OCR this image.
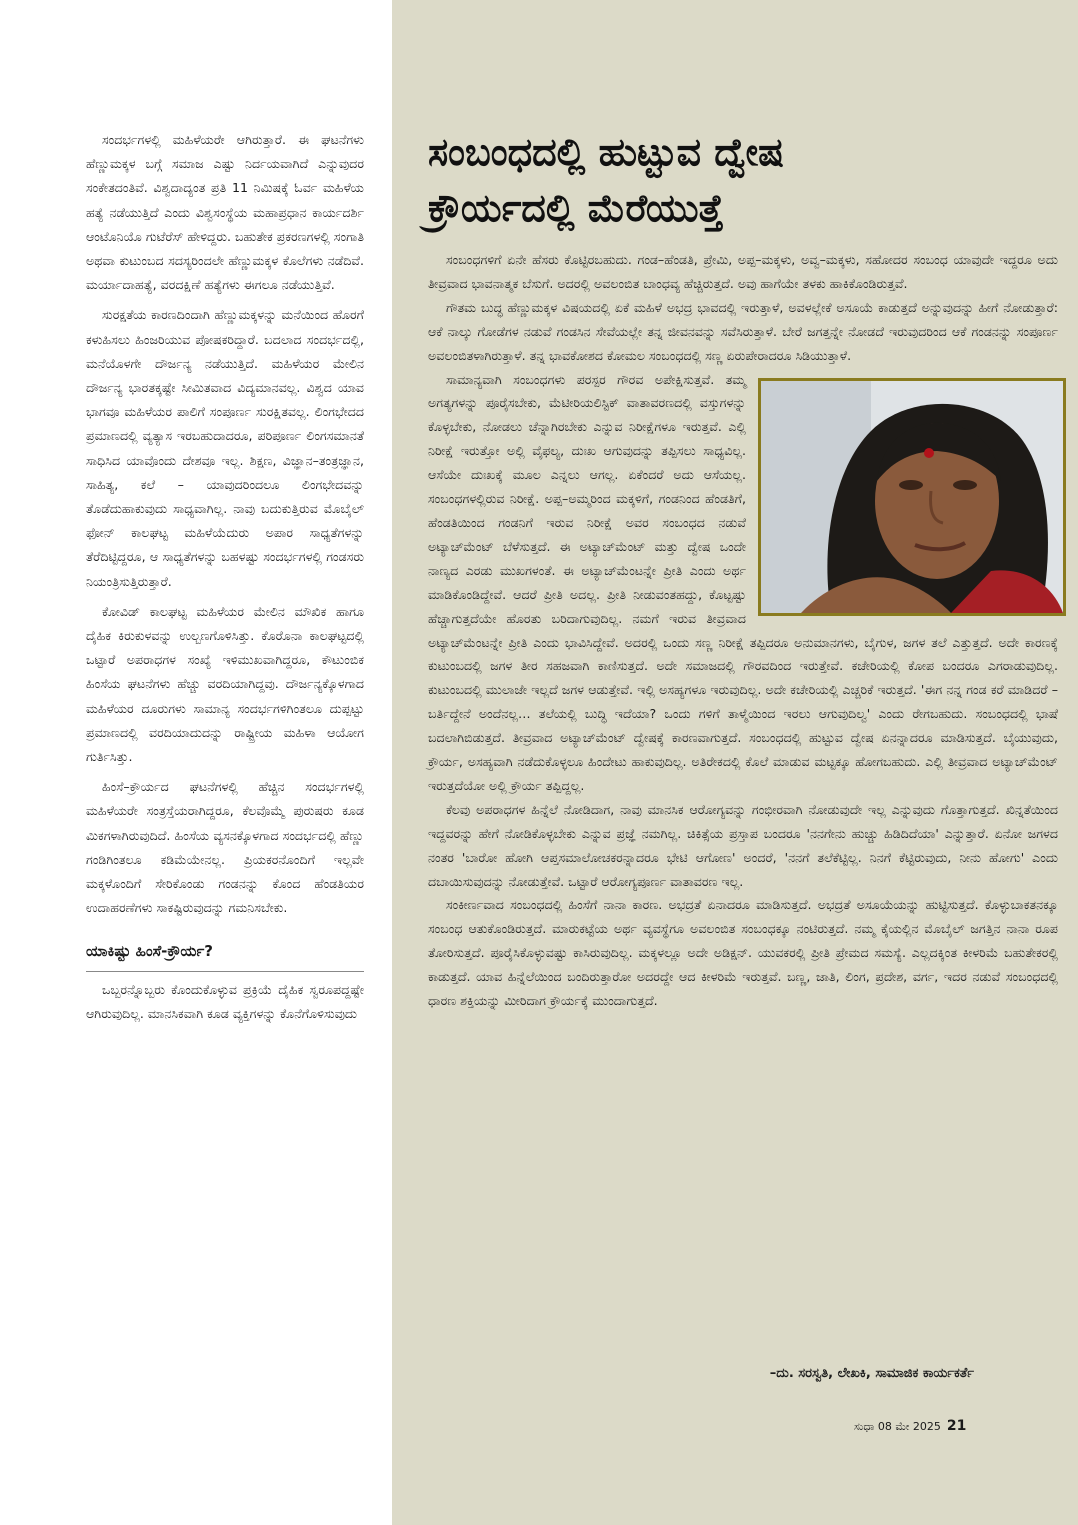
ಸಂದರ್ಭಗಳಲ್ಲಿ ಮಹಿಳೆಯರೇ ಆಗಿರುತ್ತಾರೆ. ಈ ಘಟನೆಗಳು ಹೆಣ್ಣುಮಕ್ಕಳ ಬಗ್ಗೆ ಸಮಾಜ ಎಷ್ಟು ನಿರ್ದಯವಾಗಿದೆ ಎನ್ನುವುದರ ಸಂಕೇತದಂತಿವೆ. ವಿಶ್ವದಾದ್ಯಂತ ಪ್ರತಿ 11 ನಿಮಿಷಕ್ಕೆ ಓರ್ವ ಮಹಿಳೆಯ ಹತ್ಯೆ ನಡೆಯುತ್ತಿದೆ ಎಂದು ವಿಶ್ವಸಂಸ್ಥೆಯ ಮಹಾಪ್ರಧಾನ ಕಾರ್ಯದರ್ಶಿ ಆಂಟೊನಿಯೊ ಗುಟೆರೆಸ್ ಹೇಳಿದ್ದರು. ಬಹುತೇಕ ಪ್ರಕರಣಗಳಲ್ಲಿ ಸಂಗಾತಿ ಅಥವಾ ಕುಟುಂಬದ ಸದಸ್ಯರಿಂದಲೇ ಹೆಣ್ಣುಮಕ್ಕಳ ಕೊಲೆಗಳು ನಡೆದಿವೆ. ಮರ್ಯಾದಾಹತ್ಯೆ, ವರದಕ್ಷಿಣೆ ಹತ್ಯೆಗಳು ಈಗಲೂ ನಡೆಯುತ್ತಿವೆ.

ಸುರಕ್ಷತೆಯ ಕಾರಣದಿಂದಾಗಿ ಹೆಣ್ಣುಮಕ್ಕಳನ್ನು ಮನೆಯಿಂದ ಹೊರಗೆ ಕಳುಹಿಸಲು ಹಿಂಜರಿಯುವ ಪೋಷಕರಿದ್ದಾರೆ. ಬದಲಾದ ಸಂದರ್ಭದಲ್ಲಿ, ಮನೆಯೊಳಗೇ ದೌರ್ಜನ್ಯ ನಡೆಯುತ್ತಿದೆ. ಮಹಿಳೆಯರ ಮೇಲಿನ ದೌರ್ಜನ್ಯ ಭಾರತಕ್ಕಷ್ಟೇ ಸೀಮಿತವಾದ ವಿದ್ಯಮಾನವಲ್ಲ. ವಿಶ್ವದ ಯಾವ ಭಾಗವೂ ಮಹಿಳೆಯರ ಪಾಲಿಗೆ ಸಂಪೂರ್ಣ ಸುರಕ್ಷಿತವಲ್ಲ. ಲಿಂಗಭೇದದ ಪ್ರಮಾಣದಲ್ಲಿ ವ್ಯತ್ಯಾಸ ಇರಬಹುದಾದರೂ, ಪರಿಪೂರ್ಣ ಲಿಂಗಸಮಾನತೆ ಸಾಧಿಸಿದ ಯಾವೊಂದು ದೇಶವೂ ಇಲ್ಲ. ಶಿಕ್ಷಣ, ವಿಜ್ಞಾನ–ತಂತ್ರಜ್ಞಾನ, ಸಾಹಿತ್ಯ, ಕಲೆ – ಯಾವುದರಿಂದಲೂ ಲಿಂಗಭೇದವನ್ನು ತೊಡೆದುಹಾಕುವುದು ಸಾಧ್ಯವಾಗಿಲ್ಲ. ನಾವು ಬದುಕುತ್ತಿರುವ ಮೊಬೈಲ್ ಫೋನ್ ಕಾಲಘಟ್ಟ ಮಹಿಳೆಯೆದುರು ಅಪಾರ ಸಾಧ್ಯತೆಗಳನ್ನು ತೆರೆದಿಟ್ಟಿದ್ದರೂ, ಆ ಸಾಧ್ಯತೆಗಳನ್ನು ಬಹಳಷ್ಟು ಸಂದರ್ಭಗಳಲ್ಲಿ ಗಂಡಸರು ನಿಯಂತ್ರಿಸುತ್ತಿರುತ್ತಾರೆ.

ಕೋವಿಡ್ ಕಾಲಘಟ್ಟ ಮಹಿಳೆಯರ ಮೇಲಿನ ಮೌಖಿಕ ಹಾಗೂ ದೈಹಿಕ ಕಿರುಕುಳವನ್ನು ಉಲ್ಬಣಗೊಳಿಸಿತ್ತು. ಕೊರೊನಾ ಕಾಲಘಟ್ಟದಲ್ಲಿ ಒಟ್ಟಾರೆ ಅಪರಾಧಗಳ ಸಂಖ್ಯೆ ಇಳಿಮುಖವಾಗಿದ್ದರೂ, ಕೌಟುಂಬಿಕ ಹಿಂಸೆಯ ಘಟನೆಗಳು ಹೆಚ್ಚು ವರದಿಯಾಗಿದ್ದವು. ದೌರ್ಜನ್ಯಕ್ಕೊಳಗಾದ ಮಹಿಳೆಯರ ದೂರುಗಳು ಸಾಮಾನ್ಯ ಸಂದರ್ಭಗಳಿಗಿಂತಲೂ ದುಪ್ಪಟ್ಟು ಪ್ರಮಾಣದಲ್ಲಿ ವರದಿಯಾದುದನ್ನು ರಾಷ್ಟ್ರೀಯ ಮಹಿಳಾ ಆಯೋಗ ಗುರ್ತಿಸಿತ್ತು.

ಹಿಂಸೆ–ಕ್ರೌರ್ಯದ ಘಟನೆಗಳಲ್ಲಿ ಹೆಚ್ಚಿನ ಸಂದರ್ಭಗಳಲ್ಲಿ ಮಹಿಳೆಯರೇ ಸಂತ್ರಸ್ತೆಯರಾಗಿದ್ದರೂ, ಕೆಲವೊಮ್ಮೆ ಪುರುಷರು ಕೂಡ ಮಿಕಗಳಾಗಿರುವುದಿದೆ. ಹಿಂಸೆಯ ವ್ಯಸನಕ್ಕೊಳಗಾದ ಸಂದರ್ಭದಲ್ಲಿ ಹೆಣ್ಣು ಗಂಡಿಗಿಂತಲೂ ಕಡಿಮೆಯೇನಲ್ಲ. ಪ್ರಿಯಕರನೊಂದಿಗೆ ಇಲ್ಲವೇ ಮಕ್ಕಳೊಂದಿಗೆ ಸೇರಿಕೊಂಡು ಗಂಡನನ್ನು ಕೊಂದ ಹೆಂಡತಿಯರ ಉದಾಹರಣೆಗಳು ಸಾಕಷ್ಟಿರುವುದನ್ನು ಗಮನಿಸಬೇಕು.

ಯಾಕಿಷ್ಟು ಹಿಂಸೆ-ಕ್ರೌರ್ಯ?

ಒಬ್ಬರನ್ನೊಬ್ಬರು ಕೊಂದುಕೊಳ್ಳುವ ಪ್ರಕ್ರಿಯೆ ದೈಹಿಕ ಸ್ವರೂಪದ್ದಷ್ಟೇ ಆಗಿರುವುದಿಲ್ಲ. ಮಾನಸಿಕವಾಗಿ ಕೂಡ ವ್ಯಕ್ತಿಗಳನ್ನು ಕೊನೆಗೊಳಿಸುವುದು

ಸಂಬಂಧದಲ್ಲಿ ಹುಟ್ಟುವ ದ್ವೇಷ
ಕ್ರೌರ್ಯದಲ್ಲಿ ಮೆರೆಯುತ್ತೆ

ಸಂಬಂಧಗಳಿಗೆ ಏನೇ ಹೆಸರು ಕೊಟ್ಟಿರಬಹುದು. ಗಂಡ–ಹೆಂಡತಿ, ಪ್ರೇಮಿ, ಅಪ್ಪ–ಮಕ್ಕಳು, ಅವ್ವ–ಮಕ್ಕಳು, ಸಹೋದರ ಸಂಬಂಧ ಯಾವುದೇ ಇದ್ದರೂ ಅದು ತೀವ್ರವಾದ ಭಾವನಾತ್ಮಕ ಬೆಸುಗೆ. ಅದರಲ್ಲಿ ಅವಲಂಬಿತ ಬಾಂಧವ್ಯ ಹೆಚ್ಚಿರುತ್ತದೆ. ಅವು ಹಾಗೆಯೇ ತಳಕು ಹಾಕಿಕೊಂಡಿರುತ್ತವೆ.

ಗೌತಮ ಬುದ್ಧ ಹೆಣ್ಣುಮಕ್ಕಳ ವಿಷಯದಲ್ಲಿ ಏಕೆ ಮಹಿಳೆ ಅಭದ್ರ ಭಾವದಲ್ಲಿ ಇರುತ್ತಾಳೆ, ಅವಳಲ್ಲೇಕೆ ಅಸೂಯೆ ಕಾಡುತ್ತದೆ ಅನ್ನುವುದನ್ನು ಹೀಗೆ ನೋಡುತ್ತಾರೆ: ಆಕೆ ನಾಲ್ಕು ಗೋಡೆಗಳ ನಡುವೆ ಗಂಡಸಿನ ಸೇವೆಯಲ್ಲೇ ತನ್ನ ಜೀವನವನ್ನು ಸವೆಸಿರುತ್ತಾಳೆ. ಬೇರೆ ಜಗತ್ತನ್ನೇ ನೋಡದೆ ಇರುವುದರಿಂದ ಆಕೆ ಗಂಡನನ್ನು ಸಂಪೂರ್ಣ ಅವಲಂಬಿತಳಾಗಿರುತ್ತಾಳೆ. ತನ್ನ ಭಾವಕೋಶದ ಕೋಮಲ ಸಂಬಂಧದಲ್ಲಿ ಸಣ್ಣ ಏರುಪೇರಾದರೂ ಸಿಡಿಯುತ್ತಾಳೆ.

ಸಾಮಾನ್ಯವಾಗಿ ಸಂಬಂಧಗಳು ಪರಸ್ಪರ ಗೌರವ ಅಪೇಕ್ಷಿಸುತ್ತವೆ. ತಮ್ಮ ಅಗತ್ಯಗಳನ್ನು ಪೂರೈಸಬೇಕು, ಮೆಟೀರಿಯಲಿಸ್ಟಿಕ್ ವಾತಾವರಣದಲ್ಲಿ ವಸ್ತುಗಳನ್ನು ಕೊಳ್ಳಬೇಕು, ನೋಡಲು ಚೆನ್ನಾಗಿರಬೇಕು ಎನ್ನುವ ನಿರೀಕ್ಷೆಗಳೂ ಇರುತ್ತವೆ. ಎಲ್ಲಿ ನಿರೀಕ್ಷೆ ಇರುತ್ತೋ ಅಲ್ಲಿ ವೈಫಲ್ಯ, ದುಃಖ ಆಗುವುದನ್ನು ತಪ್ಪಿಸಲು ಸಾಧ್ಯವಿಲ್ಲ. ಆಸೆಯೇ ದುಃಖಕ್ಕೆ ಮೂಲ ಎನ್ನಲು ಆಗಲ್ಲ. ಏಕೆಂದರೆ ಅದು ಆಸೆಯಲ್ಲ. ಸಂಬಂಧಗಳಲ್ಲಿರುವ ನಿರೀಕ್ಷೆ. ಅಪ್ಪ–ಅಮ್ಮರಿಂದ ಮಕ್ಕಳಿಗೆ, ಗಂಡನಿಂದ ಹೆಂಡತಿಗೆ, ಹೆಂಡತಿಯಿಂದ ಗಂಡನಿಗೆ ಇರುವ ನಿರೀಕ್ಷೆ ಅವರ ಸಂಬಂಧದ ನಡುವೆ ಅಟ್ಯಾಚ್‌ಮೆಂಟ್ ಬೆಳೆಸುತ್ತದೆ. ಈ ಅಟ್ಯಾಚ್‌ಮೆಂಟ್ ಮತ್ತು ದ್ವೇಷ ಒಂದೇ ನಾಣ್ಯದ ಎರಡು ಮುಖಗಳಂತೆ. ಈ ಅಟ್ಯಾಚ್‌ಮೆಂಟನ್ನೇ ಪ್ರೀತಿ ಎಂದು ಅರ್ಥ ಮಾಡಿಕೊಂಡಿದ್ದೇವೆ. ಆದರೆ ಪ್ರೀತಿ ಅದಲ್ಲ. ಪ್ರೀತಿ ನೀಡುವಂತಹದ್ದು, ಕೊಟ್ಟಷ್ಟು ಹೆಚ್ಚಾಗುತ್ತದೆಯೇ ಹೊರತು ಬರಿದಾಗುವುದಿಲ್ಲ. ನಮಗೆ ಇರುವ ತೀವ್ರವಾದ ಅಟ್ಯಾಚ್‌ಮೆಂಟನ್ನೇ ಪ್ರೀತಿ ಎಂದು ಭಾವಿಸಿದ್ದೇವೆ. ಅದರಲ್ಲಿ ಒಂದು ಸಣ್ಣ ನಿರೀಕ್ಷೆ ತಪ್ಪಿದರೂ ಅನುಮಾನಗಳು, ಬೈಗುಳ, ಜಗಳ ತಲೆ ಎತ್ತುತ್ತದೆ. ಅದೇ ಕಾರಣಕ್ಕೆ ಕುಟುಂಬದಲ್ಲಿ ಜಗಳ ತೀರ ಸಹಜವಾಗಿ ಕಾಣಿಸುತ್ತದೆ. ಅದೇ ಸಮಾಜದಲ್ಲಿ ಗೌರವದಿಂದ ಇರುತ್ತೇವೆ. ಕಚೇರಿಯಲ್ಲಿ ಕೋಪ ಬಂದರೂ ಎಗರಾಡುವುದಿಲ್ಲ. ಕುಟುಂಬದಲ್ಲಿ ಮುಲಾಜೇ ಇಲ್ಲದೆ ಜಗಳ ಆಡುತ್ತೇವೆ. ಇಲ್ಲಿ ಅಸಹ್ಯಗಳೂ ಇರುವುದಿಲ್ಲ. ಅದೇ ಕಚೇರಿಯಲ್ಲಿ ಎಚ್ಚರಿಕೆ ಇರುತ್ತದೆ. 'ಈಗ ನನ್ನ ಗಂಡ ಕರೆ ಮಾಡಿದರೆ – ಬರ್ತಿದ್ದೇನೆ ಅಂದೆನಲ್ಲ… ತಲೆಯಲ್ಲಿ ಬುದ್ಧಿ ಇದೆಯಾ? ಒಂದು ಗಳಿಗೆ ತಾಳ್ಮೆಯಿಂದ ಇರಲು ಆಗುವುದಿಲ್ವ' ಎಂದು ರೇಗಬಹುದು. ಸಂಬಂಧದಲ್ಲಿ ಭಾಷೆ ಬದಲಾಗಿಬಿಡುತ್ತದೆ. ತೀವ್ರವಾದ ಅಟ್ಯಾಚ್‌ಮೆಂಟ್ ದ್ವೇಷಕ್ಕೆ ಕಾರಣವಾಗುತ್ತದೆ. ಸಂಬಂಧದಲ್ಲಿ ಹುಟ್ಟುವ ದ್ವೇಷ ಏನನ್ನಾದರೂ ಮಾಡಿಸುತ್ತದೆ. ಬೈಯುವುದು, ಕ್ರೌರ್ಯ, ಅಸಹ್ಯವಾಗಿ ನಡೆದುಕೊಳ್ಳಲೂ ಹಿಂದೇಟು ಹಾಕುವುದಿಲ್ಲ. ಅತಿರೇಕದಲ್ಲಿ ಕೊಲೆ ಮಾಡುವ ಮಟ್ಟಕ್ಕೂ ಹೋಗಬಹುದು. ಎಲ್ಲಿ ತೀವ್ರವಾದ ಅಟ್ಯಾಚ್‌ಮೆಂಟ್ ಇರುತ್ತದೆಯೋ ಅಲ್ಲಿ ಕ್ರೌರ್ಯ ತಪ್ಪಿದ್ದಲ್ಲ.

ಕೆಲವು ಅಪರಾಧಗಳ ಹಿನ್ನೆಲೆ ನೋಡಿದಾಗ, ನಾವು ಮಾನಸಿಕ ಆರೋಗ್ಯವನ್ನು ಗಂಭೀರವಾಗಿ ನೋಡುವುದೇ ಇಲ್ಲ ಎನ್ನುವುದು ಗೊತ್ತಾಗುತ್ತದೆ. ಖಿನ್ನತೆಯಿಂದ ಇದ್ದವರನ್ನು ಹೇಗೆ ನೋಡಿಕೊಳ್ಳಬೇಕು ಎನ್ನುವ ಪ್ರಜ್ಞೆ ನಮಗಿಲ್ಲ. ಚಿಕಿತ್ಸೆಯ ಪ್ರಸ್ತಾಪ ಬಂದರೂ 'ನನಗೇನು ಹುಚ್ಚು ಹಿಡಿದಿದೆಯಾ' ಎನ್ನುತ್ತಾರೆ. ಏನೋ ಜಗಳದ ನಂತರ 'ಬಾರೋ ಹೋಗಿ ಆಪ್ತಸಮಾಲೋಚಕರನ್ನಾದರೂ ಭೇಟಿ ಆಗೋಣ' ಅಂದರೆ, 'ನನಗೆ ತಲೆಕೆಟ್ಟಿಲ್ಲ. ನಿನಗೆ ಕೆಟ್ಟಿರುವುದು, ನೀನು ಹೋಗು' ಎಂದು ದಬಾಯಿಸುವುದನ್ನು ನೋಡುತ್ತೇವೆ. ಒಟ್ಟಾರೆ ಆರೋಗ್ಯಪೂರ್ಣ ವಾತಾವರಣ ಇಲ್ಲ.

ಸಂಕೀರ್ಣವಾದ ಸಂಬಂಧದಲ್ಲಿ ಹಿಂಸೆಗೆ ನಾನಾ ಕಾರಣ. ಅಭದ್ರತೆ ಏನಾದರೂ ಮಾಡಿಸುತ್ತದೆ. ಅಭದ್ರತೆ ಅಸೂಯೆಯನ್ನು ಹುಟ್ಟಿಸುತ್ತದೆ. ಕೊಳ್ಳುಬಾಕತನಕ್ಕೂ ಸಂಬಂಧ ಆತುಕೊಂಡಿರುತ್ತದೆ. ಮಾರುಕಟ್ಟೆಯ ಅರ್ಥ ವ್ಯವಸ್ಥೆಗೂ ಅವಲಂಬಿತ ಸಂಬಂಧಕ್ಕೂ ನಂಟಿರುತ್ತದೆ. ನಮ್ಮ ಕೈಯಲ್ಲಿನ ಮೊಬೈಲ್ ಜಗತ್ತಿನ ನಾನಾ ರೂಪ ತೋರಿಸುತ್ತದೆ. ಪೂರೈಸಿಕೊಳ್ಳುವಷ್ಟು ಕಾಸಿರುವುದಿಲ್ಲ. ಮಕ್ಕಳಲ್ಲೂ ಅದೇ ಅಡಿಕ್ಷನ್. ಯುವಕರಲ್ಲಿ ಪ್ರೀತಿ ಪ್ರೇಮದ ಸಮಸ್ಯೆ. ಎಲ್ಲದಕ್ಕಿಂತ ಕೀಳರಿಮೆ ಬಹುತೇಕರಲ್ಲಿ ಕಾಡುತ್ತದೆ. ಯಾವ ಹಿನ್ನೆಲೆಯಿಂದ ಬಂದಿರುತ್ತಾರೋ ಅದರದ್ದೇ ಆದ ಕೀಳರಿಮೆ ಇರುತ್ತವೆ. ಬಣ್ಣ, ಜಾತಿ, ಲಿಂಗ, ಪ್ರದೇಶ, ವರ್ಗ, ಇದರ ನಡುವೆ ಸಂಬಂಧದಲ್ಲಿ ಧಾರಣ ಶಕ್ತಿಯನ್ನು ಮೀರಿದಾಗ ಕ್ರೌರ್ಯಕ್ಕೆ ಮುಂದಾಗುತ್ತದೆ.

–ದು. ಸರಸ್ವತಿ, ಲೇಖಕಿ, ಸಾಮಾಜಿಕ ಕಾರ್ಯಕರ್ತೆ
ಸುಧಾ 08 ಮೇ 2025 21
